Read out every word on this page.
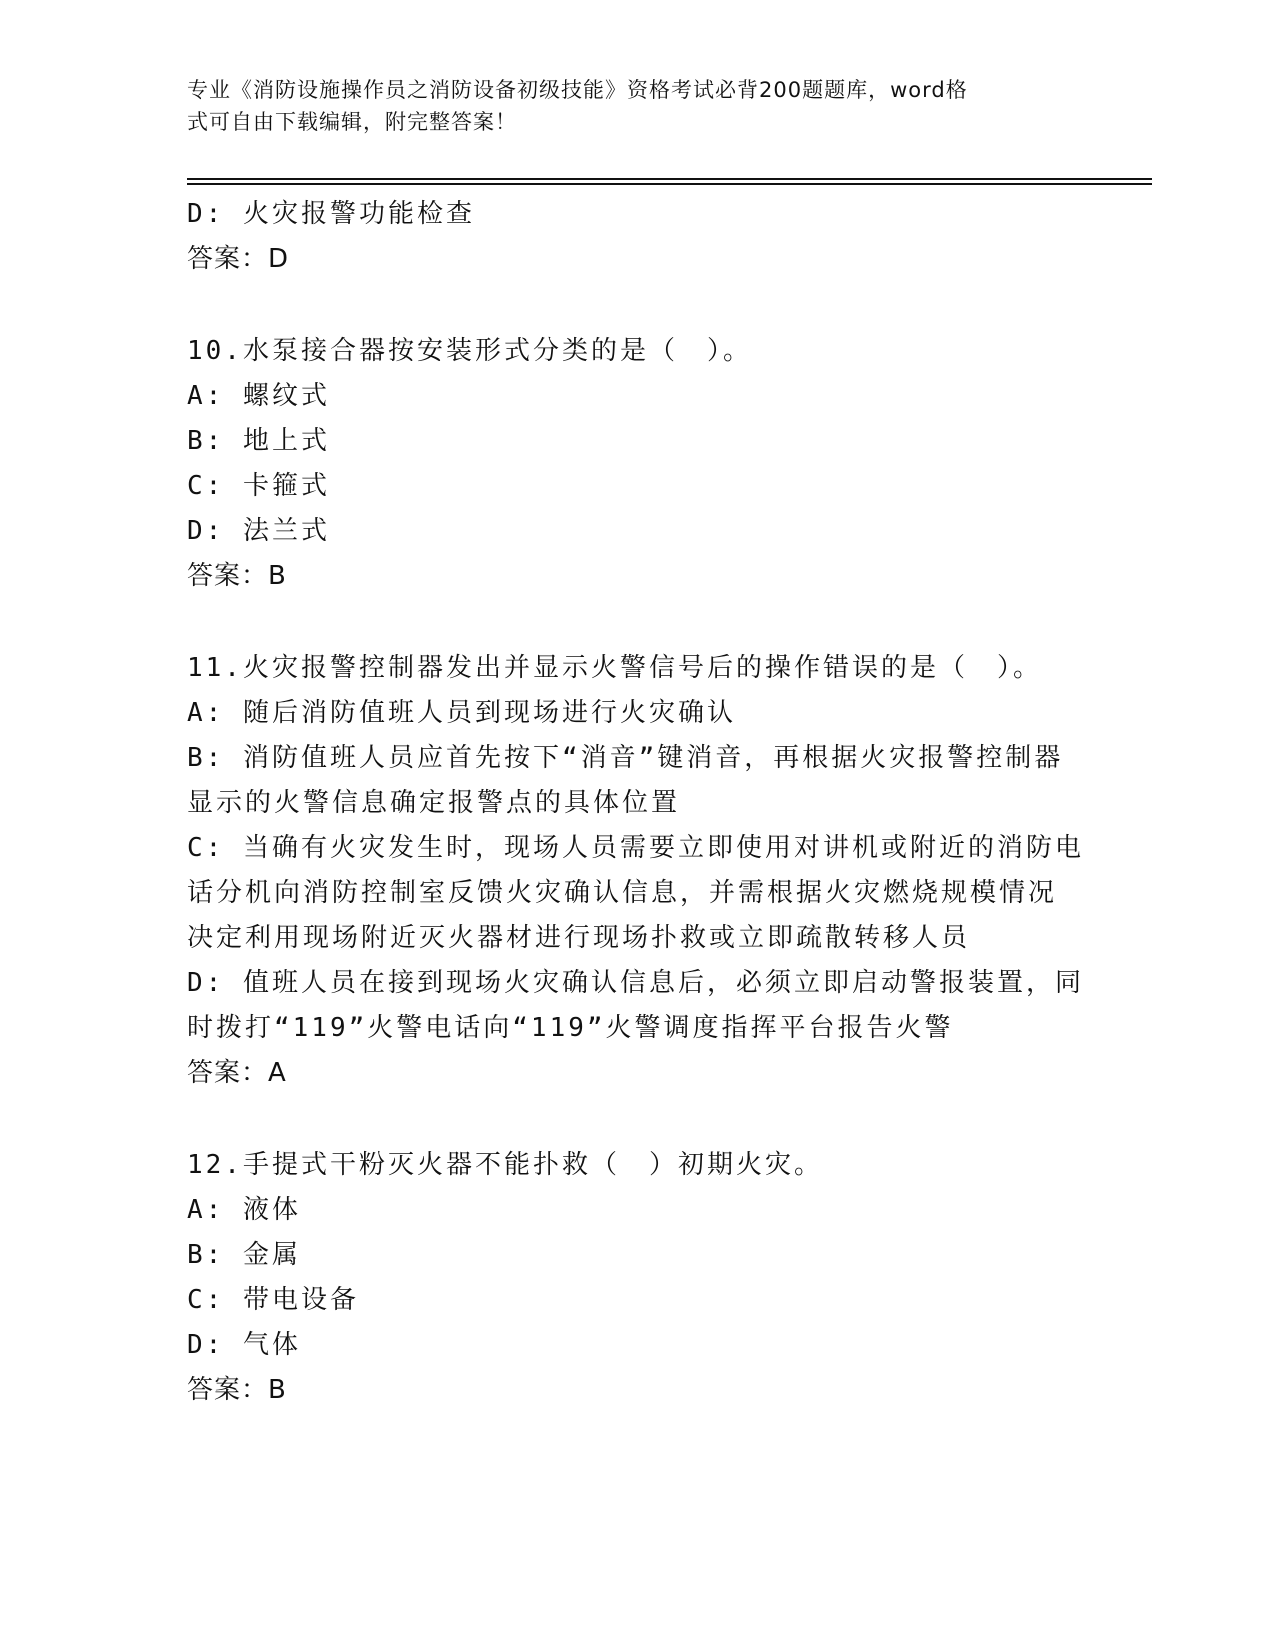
专业《消防设施操作员之消防设备初级技能》资格考试必背200题题库，word格
式可自由下载编辑，附完整答案！
D: 火灾报警功能检查
答案：D
10.水泵接合器按安装形式分类的是（　）。
A: 螺纹式
B: 地上式
C: 卡箍式
D: 法兰式
答案：B
11.火灾报警控制器发出并显示火警信号后的操作错误的是（　）。
A: 随后消防值班人员到现场进行火灾确认
B: 消防值班人员应首先按下“消音”键消音，再根据火灾报警控制器
显示的火警信息确定报警点的具体位置
C: 当确有火灾发生时，现场人员需要立即使用对讲机或附近的消防电
话分机向消防控制室反馈火灾确认信息，并需根据火灾燃烧规模情况
决定利用现场附近灭火器材进行现场扑救或立即疏散转移人员
D: 值班人员在接到现场火灾确认信息后，必须立即启动警报装置，同
时拨打“119”火警电话向“119”火警调度指挥平台报告火警
答案：A
12.手提式干粉灭火器不能扑救（　）初期火灾。
A: 液体
B: 金属
C: 带电设备
D: 气体
答案：B
